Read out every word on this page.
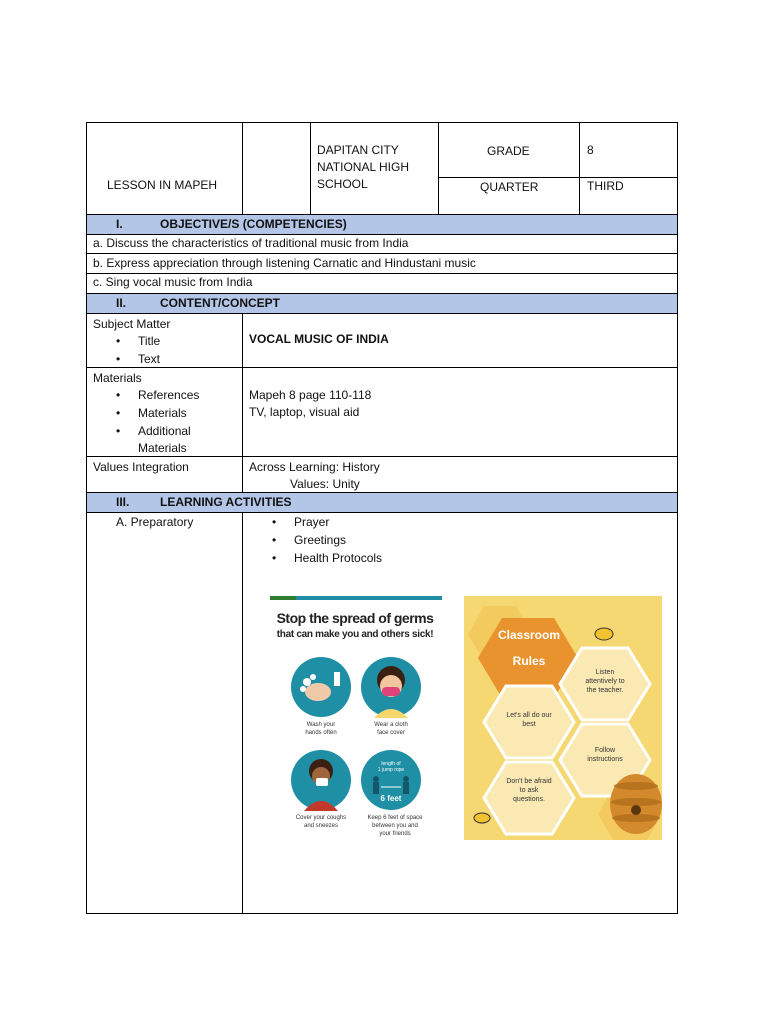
LESSON IN MAPEH
DAPITAN CITY
NATIONAL HIGH
SCHOOL
GRADE	8
QUARTER	THIRD
I.	OBJECTIVE/S (COMPETENCIES)
II.	CONTENT/CONCEPT
III.	LEARNING ACTIVITIES
a. Discuss the characteristics of traditional music from India
b. Express appreciation through listening Carnatic and Hindustani music
c. Sing vocal music from India
Subject Matter
• Title
• Text
VOCAL MUSIC OF INDIA
Materials
• References
• Materials
• Additional
Materials
Mapeh 8 page 110-118
TV, laptop, visual aid
Values Integration	Across Learning: History
Values: Unity
A. Preparatory
•	Prayer
• Greetings
• Health Protocols
Stop the spread of germs
that can make you and others sick!
Wash your
hands often
Wear a cloth
face cover
Cover your coughs
and sneezes
length of
1 jump rope
6 feet
Keep 6 feet of space
between you and
your friends
Classroom
Rules
Listen
attentively to
the teacher.
Let's all do our
best
Follow
instructions
Don't be afraid
to ask
questions.
